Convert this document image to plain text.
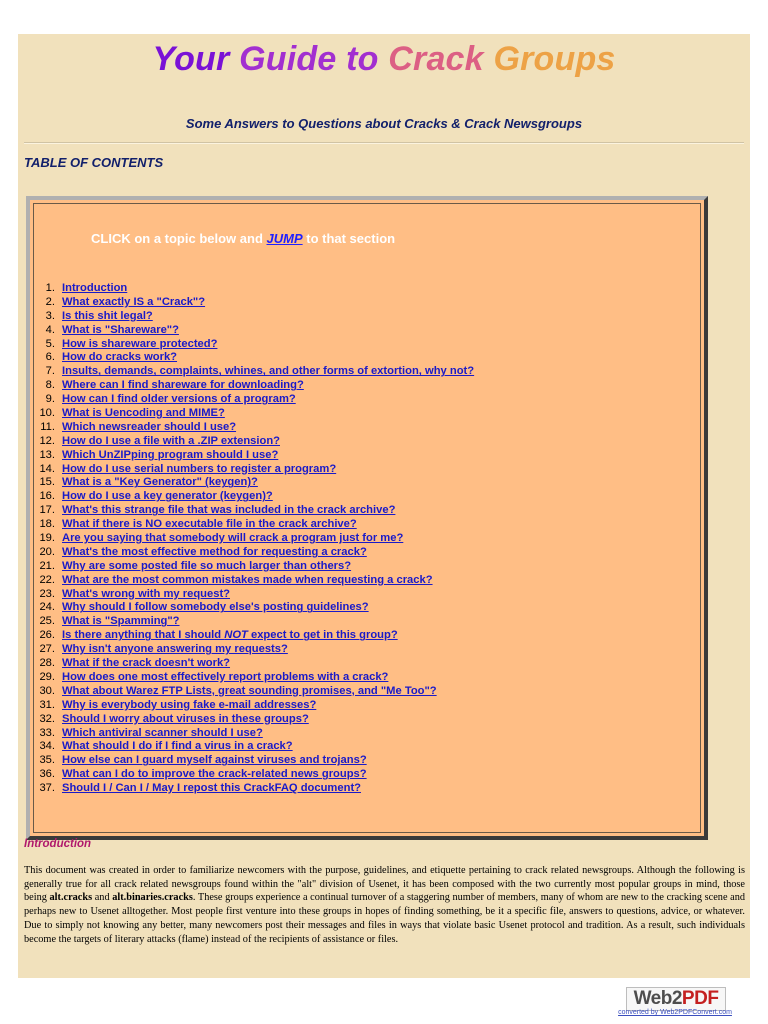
Your Guide to Crack Groups
Some Answers to Questions about Cracks & Crack Newsgroups
TABLE OF CONTENTS
CLICK on a topic below and JUMP to that section
1. Introduction
2. What exactly IS a "Crack"?
3. Is this shit legal?
4. What is "Shareware"?
5. How is shareware protected?
6. How do cracks work?
7. Insults, demands, complaints, whines, and other forms of extortion, why not?
8. Where can I find shareware for downloading?
9. How can I find older versions of a program?
10. What is Uencoding and MIME?
11. Which newsreader should I use?
12. How do I use a file with a .ZIP extension?
13. Which UnZIPping program should I use?
14. How do I use serial numbers to register a program?
15. What is a "Key Generator" (keygen)?
16. How do I use a key generator (keygen)?
17. What's this strange file that was included in the crack archive?
18. What if there is NO executable file in the crack archive?
19. Are you saying that somebody will crack a program just for me?
20. What's the most effective method for requesting a crack?
21. Why are some posted file so much larger than others?
22. What are the most common mistakes made when requesting a crack?
23. What's wrong with my request?
24. Why should I follow somebody else's posting guidelines?
25. What is "Spamming"?
26. Is there anything that I should NOT expect to get in this group?
27. Why isn't anyone answering my requests?
28. What if the crack doesn't work?
29. How does one most effectively report problems with a crack?
30. What about Warez FTP Lists, great sounding promises, and "Me Too"?
31. Why is everybody using fake e-mail addresses?
32. Should I worry about viruses in these groups?
33. Which antiviral scanner should I use?
34. What should I do if I find a virus in a crack?
35. How else can I guard myself against viruses and trojans?
36. What can I do to improve the crack-related news groups?
37. Should I / Can I / May I repost this CrackFAQ document?
Introduction
This document was created in order to familiarize newcomers with the purpose, guidelines, and etiquette pertaining to crack related newsgroups. Although the following is generally true for all crack related newsgroups found within the "alt" division of Usenet, it has been composed with the two currently most popular groups in mind, those being alt.cracks and alt.binaries.cracks. These groups experience a continual turnover of a staggering number of members, many of whom are new to the cracking scene and perhaps new to Usenet alltogether. Most people first venture into these groups in hopes of finding something, be it a specific file, answers to questions, advice, or whatever. Due to simply not knowing any better, many newcomers post their messages and files in ways that violate basic Usenet protocol and tradition. As a result, such individuals become the targets of literary attacks (flame) instead of the recipients of assistance or files.
Web2PDF
converted by Web2PDFConvert.com
